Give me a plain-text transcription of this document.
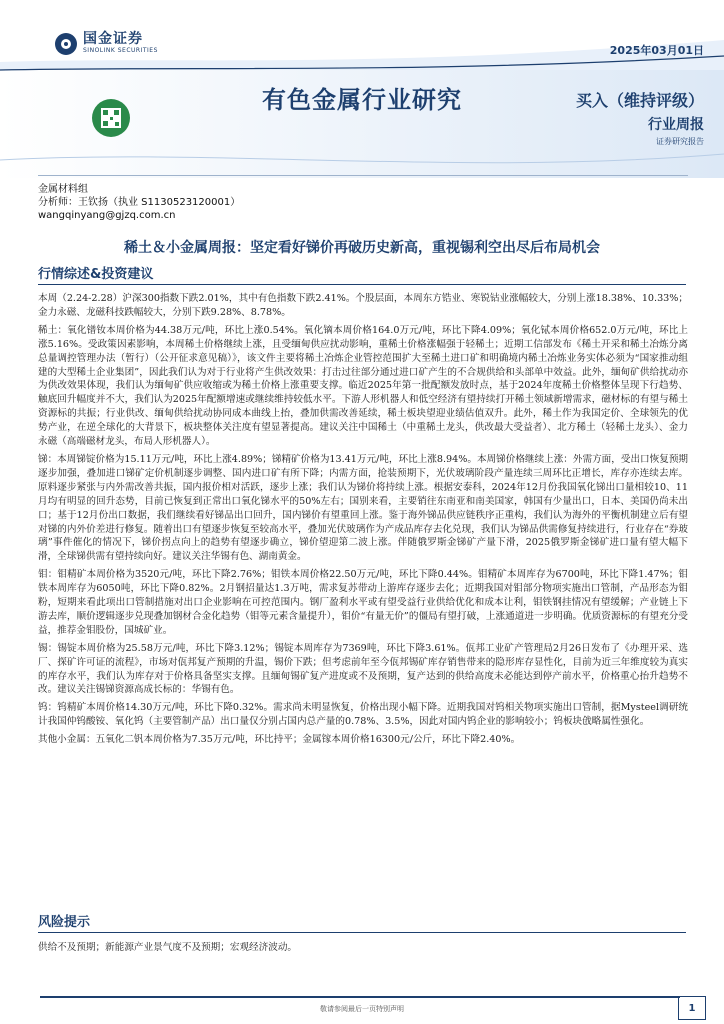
国金证券
SINOLINK SECURITIES	2025年03月01日
有色金属行业研究	买入（维持评级）
行业周报
证券研究报告
金属材料组
分析师：王钦扬（执业 S1130523120001）
wangqinyang@gjzq.com.cn
稀土＆小金属周报：坚定看好锑价再破历史新高，重视锡利空出尽后布局机会
行情综述&投资建议

本周（2.24-2.28）沪深300指数下跌2.01%，其中有色指数下跌2.41%。个股层面，本周东方锆业、寒锐钴业涨幅较大，分别上涨18.38%、10.33%；金力永磁、龙磁科技跌幅较大，分别下跌9.28%、8.78%。

稀土：氧化镨钕本周价格为44.38万元/吨，环比上涨0.54%。氧化镝本周价格164.0万元/吨，环比下降4.09%；氧化铽本周价格652.0万元/吨，环比上涨5.16%。受政策因素影响，本周稀土价格继续上涨，且受缅甸供应扰动影响，重稀土价格涨幅强于轻稀土；近期工信部发布《稀土开采和稀土冶炼分离总量调控管理办法（暂行）（公开征求意见稿）》，该文件主要将稀土冶炼企业管控范围扩大至稀土进口矿和明确境内稀土冶炼业务实体必须为“国家推动组建的大型稀土企业集团”，因此我们认为对于行业将产生供改效果：打击过往部分通过进口矿产生的不合规供给和头部单中效益。此外，缅甸矿供给扰动亦为供改效果体现，我们认为缅甸矿供应收缩或为稀土价格上涨重要支撑。临近2025年第一批配额发放时点，基于2024年度稀土价格整体呈现下行趋势、触底回升幅度并不大，我们认为2025年配额增速或继续维持较低水平。下游人形机器人和低空经济有望持续打开稀土领域新增需求，磁材标的有望与稀土资源标的共振；行业供改、缅甸供给扰动协同成本曲线上抬，叠加供需改善延续，稀土板块望迎业绩估值双升。此外，稀土作为我国定价、全球领先的优势产业，在逆全球化的大背景下，板块整体关注度有望显著提高。建议关注中国稀土（中重稀土龙头，供改最大受益者）、北方稀土（轻稀土龙头）、金力永磁（高端磁材龙头，布局人形机器人）。

锑：本周锑锭价格为15.11万元/吨，环比上涨4.89%；锑精矿价格为13.41万元/吨，环比上涨8.94%。本周锑价格继续上涨：外需方面，受出口恢复预期逐步加强，叠加进口锑矿定价机制逐步调整、国内进口矿有所下降；内需方面，抢装预期下，光伏玻璃阶段产量连续三周环比正增长，库存亦连续去库。原料逐步紧张与内外需改善共振，国内报价相对活跃，逐步上涨；我们认为锑价将持续上涨。根据安泰科，2024年12月份我国氧化锑出口量相较10、11月均有明显的回升态势，目前已恢复到正常出口氧化锑水平的50%左右；国别来看，主要销往东南亚和南美国家，韩国有少量出口，日本、美国仍尚未出口；基于12月份出口数据，我们继续看好锑品出口回升，国内锑价有望重回上涨。鉴于海外锑品供应链秩序正重构，我们认为海外的平衡机制建立后有望对锑的内外价差进行修复。随着出口有望逐步恢复至较高水平，叠加光伏玻璃作为产成品库存去化兑现，我们认为锑品供需修复持续进行，行业存在“券玻璃”事件催化的情况下，锑价拐点向上的趋势有望逐步确立，锑价望迎第二波上涨。伴随俄罗斯金锑矿产量下滑，2025俄罗斯金锑矿进口量有望大幅下滑，全球锑供需有望持续向好。建议关注华锡有色、湖南黄金。

钼：钼精矿本周价格为3520元/吨，环比下降2.76%；钼铁本周价格22.50万元/吨，环比下降0.44%。钼精矿本周库存为6700吨，环比下降1.47%；钼铁本周库存为6050吨，环比下降0.82%。2月钢招量达1.3万吨，需求复苏带动上游库存逐步去化；近期我国对钼部分物项实施出口管制，产品形态为钼粉，短期来看此项出口管制措施对出口企业影响在可控范围内。钢厂盈利水平或有望受益行业供给优化和成本让利，钼铁钢挂情况有望缓解；产业链上下游去库，顺价逻辑逐步兑现叠加钢材合金化趋势（钼等元素含量提升），钼价“有量无价”的僵局有望打破，上涨通道进一步明确。优质资源标的有望充分受益，推荐金钼股份，国城矿业。

锡：锡锭本周价格为25.58万元/吨，环比下降3.12%；锡锭本周库存为7369吨，环比下降3.61%。佤邦工业矿产管理局2月26日发布了《办理开采、选厂、探矿许可证的流程》，市场对佤邦复产预期的升温，锡价下跌；但考虑前年至今佤邦锡矿库存销售带来的隐形库存显性化，目前为近三年维度较为真实的库存水平，我们认为库存对于价格具备坚实支撑。且缅甸锡矿复产进度或不及预期，复产达到的供给高度未必能达到停产前水平，价格重心抬升趋势不改。建议关注锡锑资源高成长标的：华锡有色。

钨：钨精矿本周价格14.30万元/吨，环比下降0.32%。需求尚未明显恢复，价格出现小幅下降。近期我国对钨相关物项实施出口管制，据Mysteel调研统计我国仲钨酸铵、氧化钨（主要管制产品）出口量仅分别占国内总产量的0.78%、3.5%，因此对国内钨企业的影响较小；钨板块戗略属性强化。

其他小金属：五氧化二钒本周价格为7.35万元/吨，环比持平；金属镓本周价格16300元/公斤，环比下降2.40%。

风险提示
供给不及预期；新能源产业景气度不及预期；宏观经济波动。
敬请参阅最后一页特别声明	1
